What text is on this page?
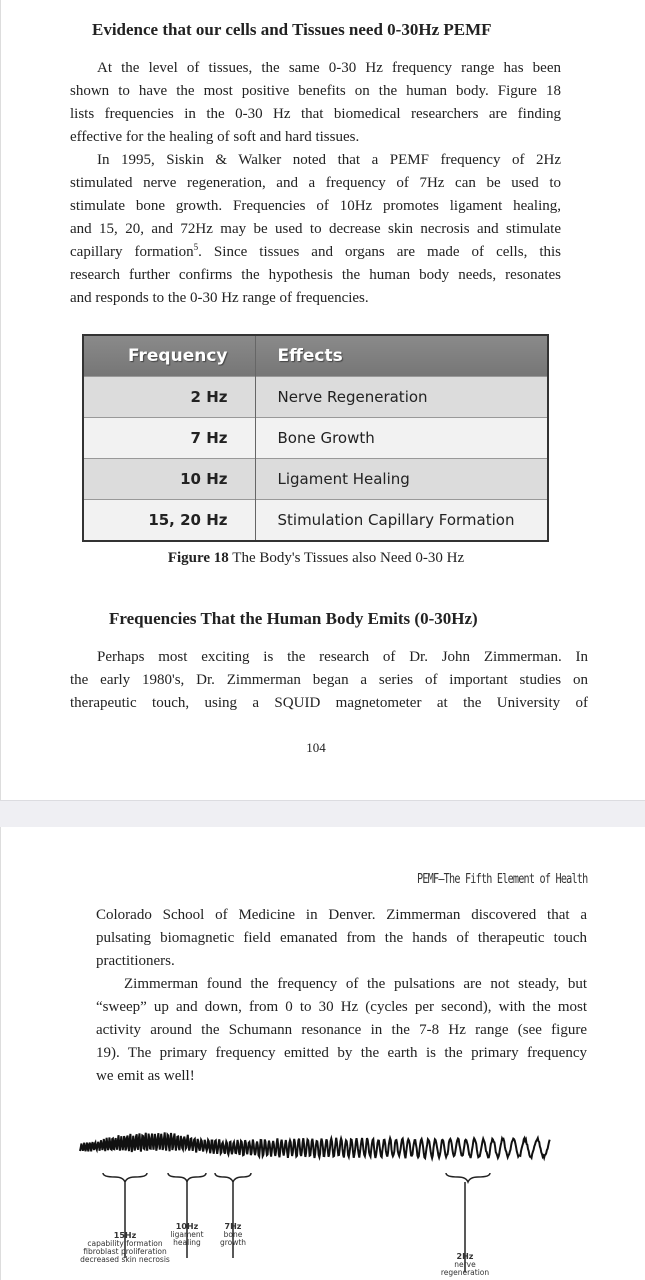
Evidence that our cells and Tissues need 0-30Hz PEMF
At the level of tissues, the same 0-30 Hz frequency range has been
shown to have the most positive benefits on the human body. Figure 18
lists frequencies in the 0-30 Hz that biomedical researchers are finding
effective for the healing of soft and hard tissues.
In 1995, Siskin & Walker noted that a PEMF frequency of 2Hz
stimulated nerve regeneration, and a frequency of 7Hz can be used to
stimulate bone growth. Frequencies of 10Hz promotes ligament healing,
and 15, 20, and 72Hz may be used to decrease skin necrosis and stimulate
capillary formation$^5$. Since tissues and organs are made of cells, this
research further confirms the hypothesis the human body needs, resonates
and responds to the 0-30 Hz range of frequencies.
Frequency	Effects
2 Hz	Nerve Regeneration
7 Hz	Bone Growth
10 Hz	Ligament Healing
15, 20 Hz	Stimulation Capillary Formation
Figure 18 The Body's Tissues also Need 0-30 Hz
Frequencies That the Human Body Emits (0-30Hz)
Perhaps most exciting is the research of Dr. John Zimmerman. In
the early 1980's, Dr. Zimmerman began a series of important studies on
therapeutic touch, using a SQUID magnetometer at the University of
104
PEMF—The Fifth Element of Health
Colorado School of Medicine in Denver. Zimmerman discovered that a
pulsating biomagnetic field emanated from the hands of therapeutic touch
practitioners.
Zimmerman found the frequency of the pulsations are not steady, but
“sweep” up and down, from 0 to 30 Hz (cycles per second), with the most
activity around the Schumann resonance in the 7-8 Hz range (see figure
19). The primary frequency emitted by the earth is the primary frequency
we emit as well!
15Hz
capability formation
fibroblast proliferation
decreased skin necrosis
10Hz
ligament
healing
7Hz
bone
growth
2Hz
nerve
regeneration
